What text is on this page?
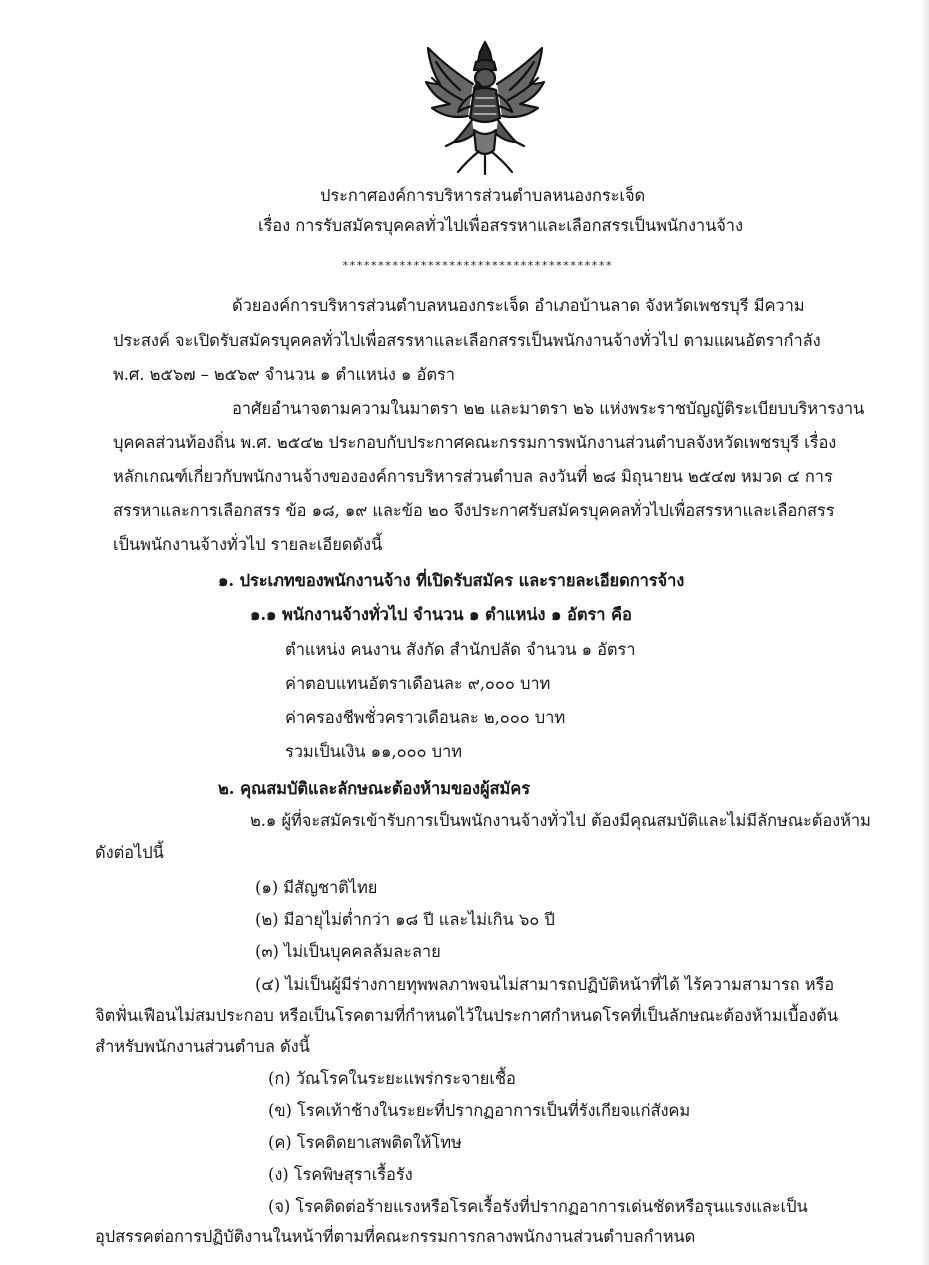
ประกาศองค์การบริหารส่วนตำบลหนองกระเจ็ด
เรื่อง การรับสมัครบุคคลทั่วไปเพื่อสรรหาและเลือกสรรเป็นพนักงานจ้าง
**************************************
ด้วยองค์การบริหารส่วนตำบลหนองกระเจ็ด อำเภอบ้านลาด จังหวัดเพชรบุรี มีความ
ประสงค์ จะเปิดรับสมัครบุคคลทั่วไปเพื่อสรรหาและเลือกสรรเป็นพนักงานจ้างทั่วไป ตามแผนอัตรากำลัง
พ.ศ. ๒๕๖๗ – ๒๕๖๙ จำนวน ๑ ตำแหน่ง ๑ อัตรา
อาศัยอำนาจตามความในมาตรา ๒๒ และมาตรา ๒๖ แห่งพระราชบัญญัติระเบียบบริหารงาน
บุคคลส่วนท้องถิ่น พ.ศ. ๒๕๔๒ ประกอบกับประกาศคณะกรรมการพนักงานส่วนตำบลจังหวัดเพชรบุรี เรื่อง
หลักเกณฑ์เกี่ยวกับพนักงานจ้างขององค์การบริหารส่วนตำบล ลงวันที่ ๒๘ มิถุนายน ๒๕๔๗ หมวด ๔ การ
สรรหาและการเลือกสรร ข้อ ๑๘, ๑๙ และข้อ ๒๐ จึงประกาศรับสมัครบุคคลทั่วไปเพื่อสรรหาและเลือกสรร
เป็นพนักงานจ้างทั่วไป รายละเอียดดังนี้
๑. ประเภทของพนักงานจ้าง ที่เปิดรับสมัคร และรายละเอียดการจ้าง
๑.๑ พนักงานจ้างทั่วไป จำนวน ๑ ตำแหน่ง ๑ อัตรา คือ
ตำแหน่ง คนงาน สังกัด สำนักปลัด จำนวน ๑ อัตรา
ค่าตอบแทนอัตราเดือนละ ๙,๐๐๐ บาท
ค่าครองชีพชั่วคราวเดือนละ ๒,๐๐๐ บาท
รวมเป็นเงิน ๑๑,๐๐๐ บาท
๒. คุณสมบัติและลักษณะต้องห้ามของผู้สมัคร
๒.๑ ผู้ที่จะสมัครเข้ารับการเป็นพนักงานจ้างทั่วไป ต้องมีคุณสมบัติและไม่มีลักษณะต้องห้าม
ดังต่อไปนี้
(๑) มีสัญชาติไทย
(๒) มีอายุไม่ต่ำกว่า ๑๘ ปี และไม่เกิน ๖๐ ปี
(๓) ไม่เป็นบุคคลล้มละลาย
(๔) ไม่เป็นผู้มีร่างกายทุพพลภาพจนไม่สามารถปฏิบัติหน้าที่ได้ ไร้ความสามารถ หรือ
จิตฟั่นเฟือนไม่สมประกอบ หรือเป็นโรคตามที่กำหนดไว้ในประกาศกำหนดโรคที่เป็นลักษณะต้องห้ามเบื้องต้น
สำหรับพนักงานส่วนตำบล ดังนี้
(ก) วัณโรคในระยะแพร่กระจายเชื้อ
(ข) โรคเท้าช้างในระยะที่ปรากฏอาการเป็นที่รังเกียจแก่สังคม
(ค) โรคติดยาเสพติดให้โทษ
(ง) โรคพิษสุราเรื้อรัง
(จ) โรคติดต่อร้ายแรงหรือโรคเรื้อรังที่ปรากฏอาการเด่นชัดหรือรุนแรงและเป็น
อุปสรรคต่อการปฏิบัติงานในหน้าที่ตามที่คณะกรรมการกลางพนักงานส่วนตำบลกำหนด
